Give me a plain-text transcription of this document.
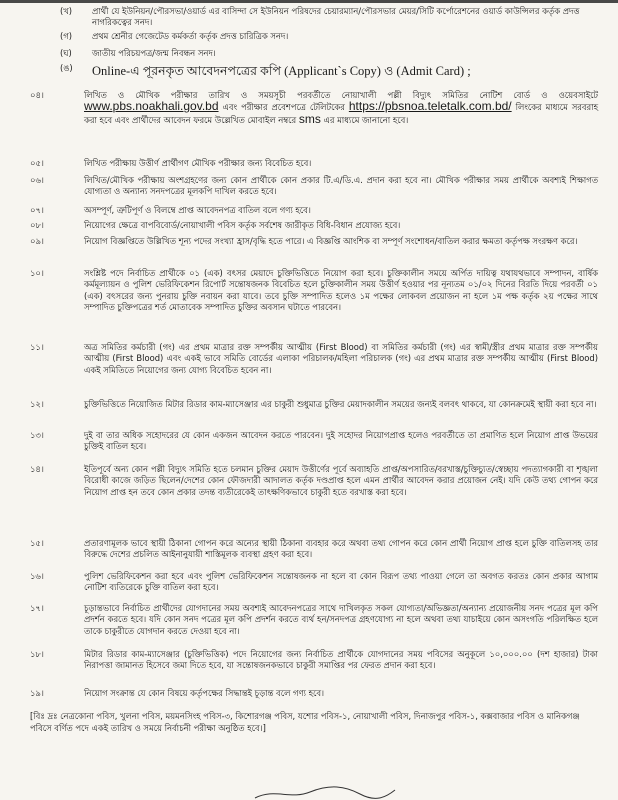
(খ)	প্রার্থী যে ইউনিয়ন/পৌরসভা/ওয়ার্ড এর বাসিন্দা সে ইউনিয়ন পরিষদের চেয়ারম্যান/পৌরসভার মেয়র/সিটি কর্পোরেশনের ওয়ার্ড কাউন্সিলর কর্তৃক প্রদত্ত নাগরিকত্বের সনদ।
(গ)	প্রথম শ্রেনীর গেজেটেড কর্মকর্তা কর্তৃক প্রদত্ত চারিত্রিক সনদ।
(ঘ)	জাতীয় পরিচয়পত্র/জন্ম নিবন্ধন সনদ।
(ঙ)	Online-এ পূরনকৃত আবেদনপত্রের কপি (Applicant`s Copy) ও (Admit Card) ;
০৪।	লিখিত ও মৌখিক পরীক্ষার তারিখ ও সময়সূচী পরবর্তীতে নোয়াখালী পল্লী বিদ্যুৎ সমিতির নোটিশ বোর্ড ও ওয়েবসাইটে www.pbs.noakhali.gov.bd এবং পরীক্ষার প্রবেশপত্রে টেলিটকের https://pbsnoa.teletalk.com.bd/ লিংকের মাধ্যমে সরবরাহ করা হবে এবং প্রার্থীদের আবেদন ফরমে উল্লেখিত মোবাইল নম্বরে sms এর মাধ্যমে জানানো হবে।
০৫।	লিখিত পরীক্ষায় উত্তীর্ণ প্রার্থীগণ মৌখিক পরীক্ষার জন্য বিবেচিত হবে।
০৬।	লিখিত/মৌখিক পরীক্ষায় অংশগ্রহণের জন্য কোন প্রার্থীকে কোন প্রকার টি.এ/ডি.এ. প্রদান করা হবে না। মৌখিক পরীক্ষার সময় প্রার্থীকে অবশ্যই শিক্ষাগত যোগ্যতা ও অন্যান্য সনদপত্রের মূলকপি দাখিল করতে হবে।
০৭।	অসম্পূর্ণ, ত্রুটিপূর্ণ ও বিলম্বে প্রাপ্ত আবেদনপত্র বাতিল বলে গণ্য হবে।
০৮।	নিয়োগের ক্ষেত্রে বাপবিবোর্ড/নোয়াখালী পবিস কর্তৃক সর্বশেষ জারীকৃত বিধি-বিধান প্রযোজ্য হবে।
০৯।	নিয়োগ বিজ্ঞপ্তিতে উল্লিখিত শূন্য পদের সংখ্যা হ্রাস/বৃদ্ধি হতে পারে। এ বিজ্ঞপ্তি আংশিক বা সম্পূর্ণ সংশোধন/বাতিল করার ক্ষমতা কর্তৃপক্ষ সংরক্ষণ করে।
১০।	সংশ্লিষ্ট পদে নির্বাচিত প্রার্থীকে ০১ (এক) বৎসর মেয়াদে চুক্তিভিত্তিতে নিয়োগ করা হবে। চুক্তিকালীন সময়ে অর্পিত দায়িত্ব যথাযথভাবে সম্পাদন, বার্ষিক কর্মমূল্যায়ন ও পুলিশ ভেরিফিকেশন রিপোর্ট সন্তোষজনক বিবেচিত হলে চুক্তিকালীন সময় উত্তীর্ণ হওয়ার পর নূন্যতম ০১/০২ দিনের বিরতি দিয়ে পরবর্তী ০১ (এক) বৎসরের জন্য পুনরায় চুক্তি নবায়ন করা যাবে। তবে চুক্তি সম্পাদিত হলেও ১ম পক্ষের লোকবল প্রয়োজন না হলে ১ম পক্ষ কর্তৃক ২য় পক্ষের সাথে সম্পাদিত চুক্তিপত্রের শর্ত মোতাবেক সম্পাদিত চুক্তির অবসান ঘটাতে পারবেন।
১১।	অত্র সমিতির কর্মচারী (গং) এর প্রথম মাত্রার রক্ত সম্পর্কীয় আত্মীয় (First Blood) বা সমিতির কর্মচারী (গং) এর স্বামী/স্ত্রীর প্রথম মাত্রার রক্ত সম্পর্কীয় আত্মীয় (First Blood) এবং একই ভাবে সমিতি বোর্ডের এলাকা পরিচালক/মহিলা পরিচালক (গং) এর প্রথম মাত্রার রক্ত সম্পর্কীয় আত্মীয় (First Blood) একই সমিতিতে নিয়োগের জন্য যোগ্য বিবেচিত হবেন না।
১২।	চুক্তিভিত্তিতে নিয়োজিত মিটার রিডার কাম-ম্যাসেঞ্জার এর চাকুরী শুধুমাত্র চুক্তির মেয়াদকালীন সময়ের জন্যই বলবৎ থাকবে, যা কোনক্রমেই স্থায়ী করা হবে না।
১৩।	দুই বা তার অধিক সহোদরের যে কোন একজন আবেদন করতে পারবেন। দুই সহোদর নিয়োগপ্রাপ্ত হলেও পরবর্তীতে তা প্রমাণিত হলে নিয়োগ প্রাপ্ত উভয়ের চুক্তিই বাতিল হবে।
১৪।	ইতিপূর্বে অন্য কোন পল্লী বিদ্যুৎ সমিতি হতে চলমান চুক্তির মেয়াদ উত্তীর্ণের পূর্বে অব্যাহতি প্রাপ্ত/অপসারিত/বরখাস্ত/চুক্তিচ্যুত/স্বেচ্ছায় পদত্যাগকারী বা শৃঙ্খলা বিরোধী কাজে জড়িত ছিলেন/দেশের কোন ফৌজদারী আদালত কর্তৃক দণ্ডপ্রাপ্ত হলে এমন প্রার্থীর আবেদন করার প্রয়োজন নেই। যদি কেউ তথ্য গোপন করে নিয়োগ প্রাপ্ত হন তবে কোন প্রকার তদন্ত ব্যতীরেকেই তাৎক্ষণিকভাবে চাকুরী হতে বরখাস্ত করা হবে।
১৫।	প্রতারণামূলক ভাবে স্থায়ী ঠিকানা গোপন করে অন্যের স্থায়ী ঠিকানা ব্যবহার করে অথবা তথ্য গোপন করে কোন প্রার্থী নিয়োগ প্রাপ্ত হলে চুক্তি বাতিলসহ তার বিরুদ্ধে দেশের প্রচলিত আইনানুযায়ী শাস্তিমূলক ব্যবস্থা গ্রহণ করা হবে।
১৬।	পুলিশ ভেরিফিকেশন করা হবে এবং পুলিশ ভেরিফিকেশন সন্তোষজনক না হলে বা কোন বিরূপ তথ্য পাওয়া গেলে তা অবগত করতঃ কোন প্রকার আগাম নোটিশ ব্যতিরেকে চুক্তি বাতিল করা হবে।
১৭।	চূড়ান্তভাবে নির্বাচিত প্রার্থীদের যোগদানের সময় অবশ্যই আবেদনপত্রের সাথে দাখিলকৃত সকল যোগ্যতা/অভিজ্ঞতা/অন্যান্য প্রয়োজনীয় সনদ পত্রের মূল কপি প্রদর্শন করতে হবে। যদি কোন সনদ পত্রের মূল কপি প্রদর্শন করতে ব্যর্থ হন/সনদপত্র গ্রহণযোগ্য না হলে অথবা তথ্য যাচাইয়ে কোন অসংগতি পরিলক্ষিত হলে তাকে চাকুরীতে যোগদান করতে দেওয়া হবে না।
১৮।	মিটার রিডার কাম-ম্যাসেঞ্জার (চুক্তিভিত্তিক) পদে নিয়োগের জন্য নির্বাচিত প্রার্থীকে যোগদানের সময় পবিসের অনুকূলে ১০,০০০.০০ (দশ হাজার) টাকা নিরাপত্তা জামানত হিসেবে জমা দিতে হবে, যা সন্তোষজনকভাবে চাকুরী সমাপ্তির পর ফেরত প্রদান করা হবে।
১৯।	নিয়োগ সংক্রান্ত যে কোন বিষয়ে কর্তৃপক্ষের সিদ্ধান্তই চূড়ান্ত বলে গণ্য হবে।
[বিঃ দ্রঃ নেত্রকোনা পবিস, খুলনা পবিস, ময়মনসিংহ পবিস-৩, কিশোরগঞ্জ পবিস, যশোর পবিস-১, নোয়াখালী পবিস, দিনাজপুর পবিস-১, কক্সবাজার পবিস ও মানিকগঞ্জ পবিসে বর্ণিত পদে একই তারিখ ও সময়ে নির্বাচনী পরীক্ষা অনুষ্ঠিত হবে।]
